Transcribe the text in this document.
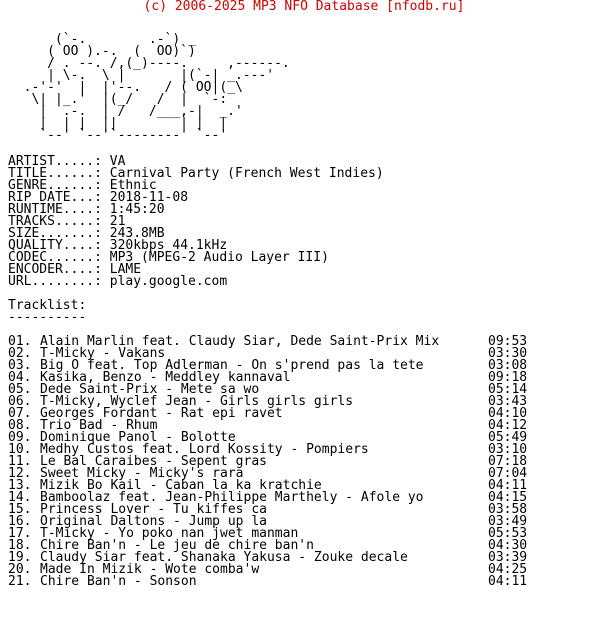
(c) 2006-2025 MP3 NFO Database [nfodb.ru]
(`-.        .-`) _
( OO ).-.  (  OO)`)
/ . --. /,(_)----.     ,------.
| \-.  \ |       |(`-| _.---'
.-'-'  |  |'--.   / ( OO|(_\
\| |_.'  |(_/   /  |  `-:
|  .-.  | /   /___,-|  _.'
|  | |  ||        | |  |
`--' `--'`--------' `--'
ARTIST.....: VA
TITLE......: Carnival Party (French West Indies)
GENRE......: Ethnic
RIP DATE...: 2018-11-08
RUNTIME....: 1:45:20
TRACKS.....: 21
SIZE.......: 243.8MB
QUALITY....: 320kbps 44.1kHz
CODEC......: MP3 (MPEG-2 Audio Layer III)
ENCODER....: LAME
URL........: play.google.com
Tracklist:
----------
01. Alain Marlin feat. Claudy Siar, Dede Saint-Prix Mix	09:53
02. T-Micky - Vakans	03:30
03. Big O feat. Top Adlerman - On s'prend pas la tete	03:08
04. Kasika, Benzo - Meddley kannaval	09:18
05. Dede Saint-Prix - Mete sa wo	05:14
06. T-Micky, Wyclef Jean - Girls girls girls	03:43
07. Georges Fordant - Rat epi ravet	04:10
08. Trio Bad - Rhum	04:12
09. Dominique Panol - Bolotte	05:49
10. Medhy Custos feat. Lord Kossity - Pompiers	03:10
11. Le Bal Caraibes - Sepent gras	07:18
12. Sweet Micky - Micky's rara	07:04
13. Mizik Bo Kail - Caban la ka kratchie	04:11
14. Bamboolaz feat. Jean-Philippe Marthely - Afole yo	04:15
15. Princess Lover - Tu kiffes ca	03:58
16. Original Daltons - Jump up la	03:49
17. T-Micky - Yo poko nan jwet manman	05:53
18. Chire Ban'n - Le jeu de chire ban'n	04:30
19. Claudy Siar feat. Shanaka Yakusa - Zouke decale	03:39
20. Made In Mizik - Wote comba'w	04:25
21. Chire Ban'n - Sonson	04:11
